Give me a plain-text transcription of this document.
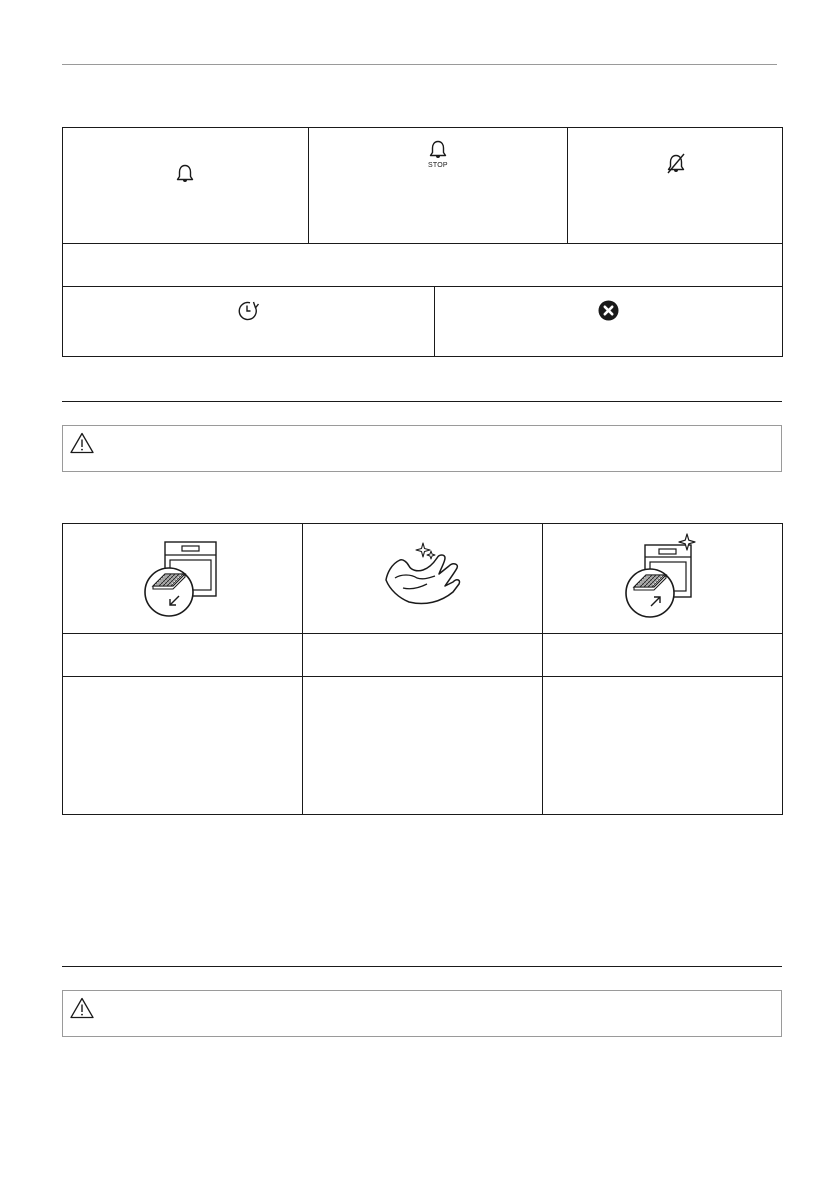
STOP
